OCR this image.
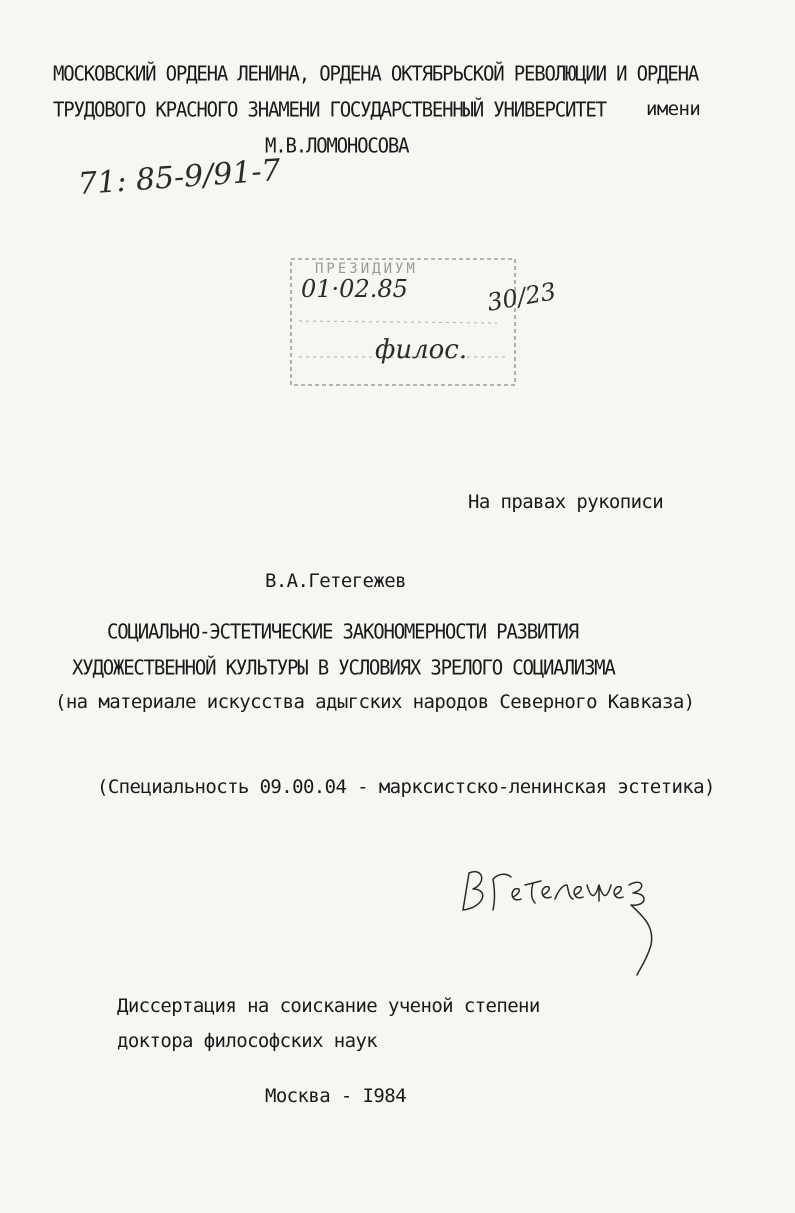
МОСКОВСКИЙ ОРДЕНА ЛЕНИНА, ОРДЕНА ОКТЯБРЬСКОЙ РЕВОЛЮЦИИ И ОРДЕНА
ТРУДОВОГО КРАСНОГО ЗНАМЕНИ ГОСУДАРСТВЕННЫЙ УНИВЕРСИТЕТ имени
М.В.ЛОМОНОСОВА
71: 85-9/91-7
ПРЕЗИДИУМ
01·02.85	30/23
филос.
На правах рукописи
В.А.Гетегежев
СОЦИАЛЬНО-ЭСТЕТИЧЕСКИЕ ЗАКОНОМЕРНОСТИ РАЗВИТИЯ
ХУДОЖЕСТВЕННОЙ КУЛЬТУРЫ В УСЛОВИЯХ ЗРЕЛОГО СОЦИАЛИЗМА
(на материале искусства адыгских народов Северного Кавказа)
(Специальность 09.00.04 - марксистско-ленинская эстетика)
Диссертация на соискание ученой степени
доктора философских наук
Москва - I984
